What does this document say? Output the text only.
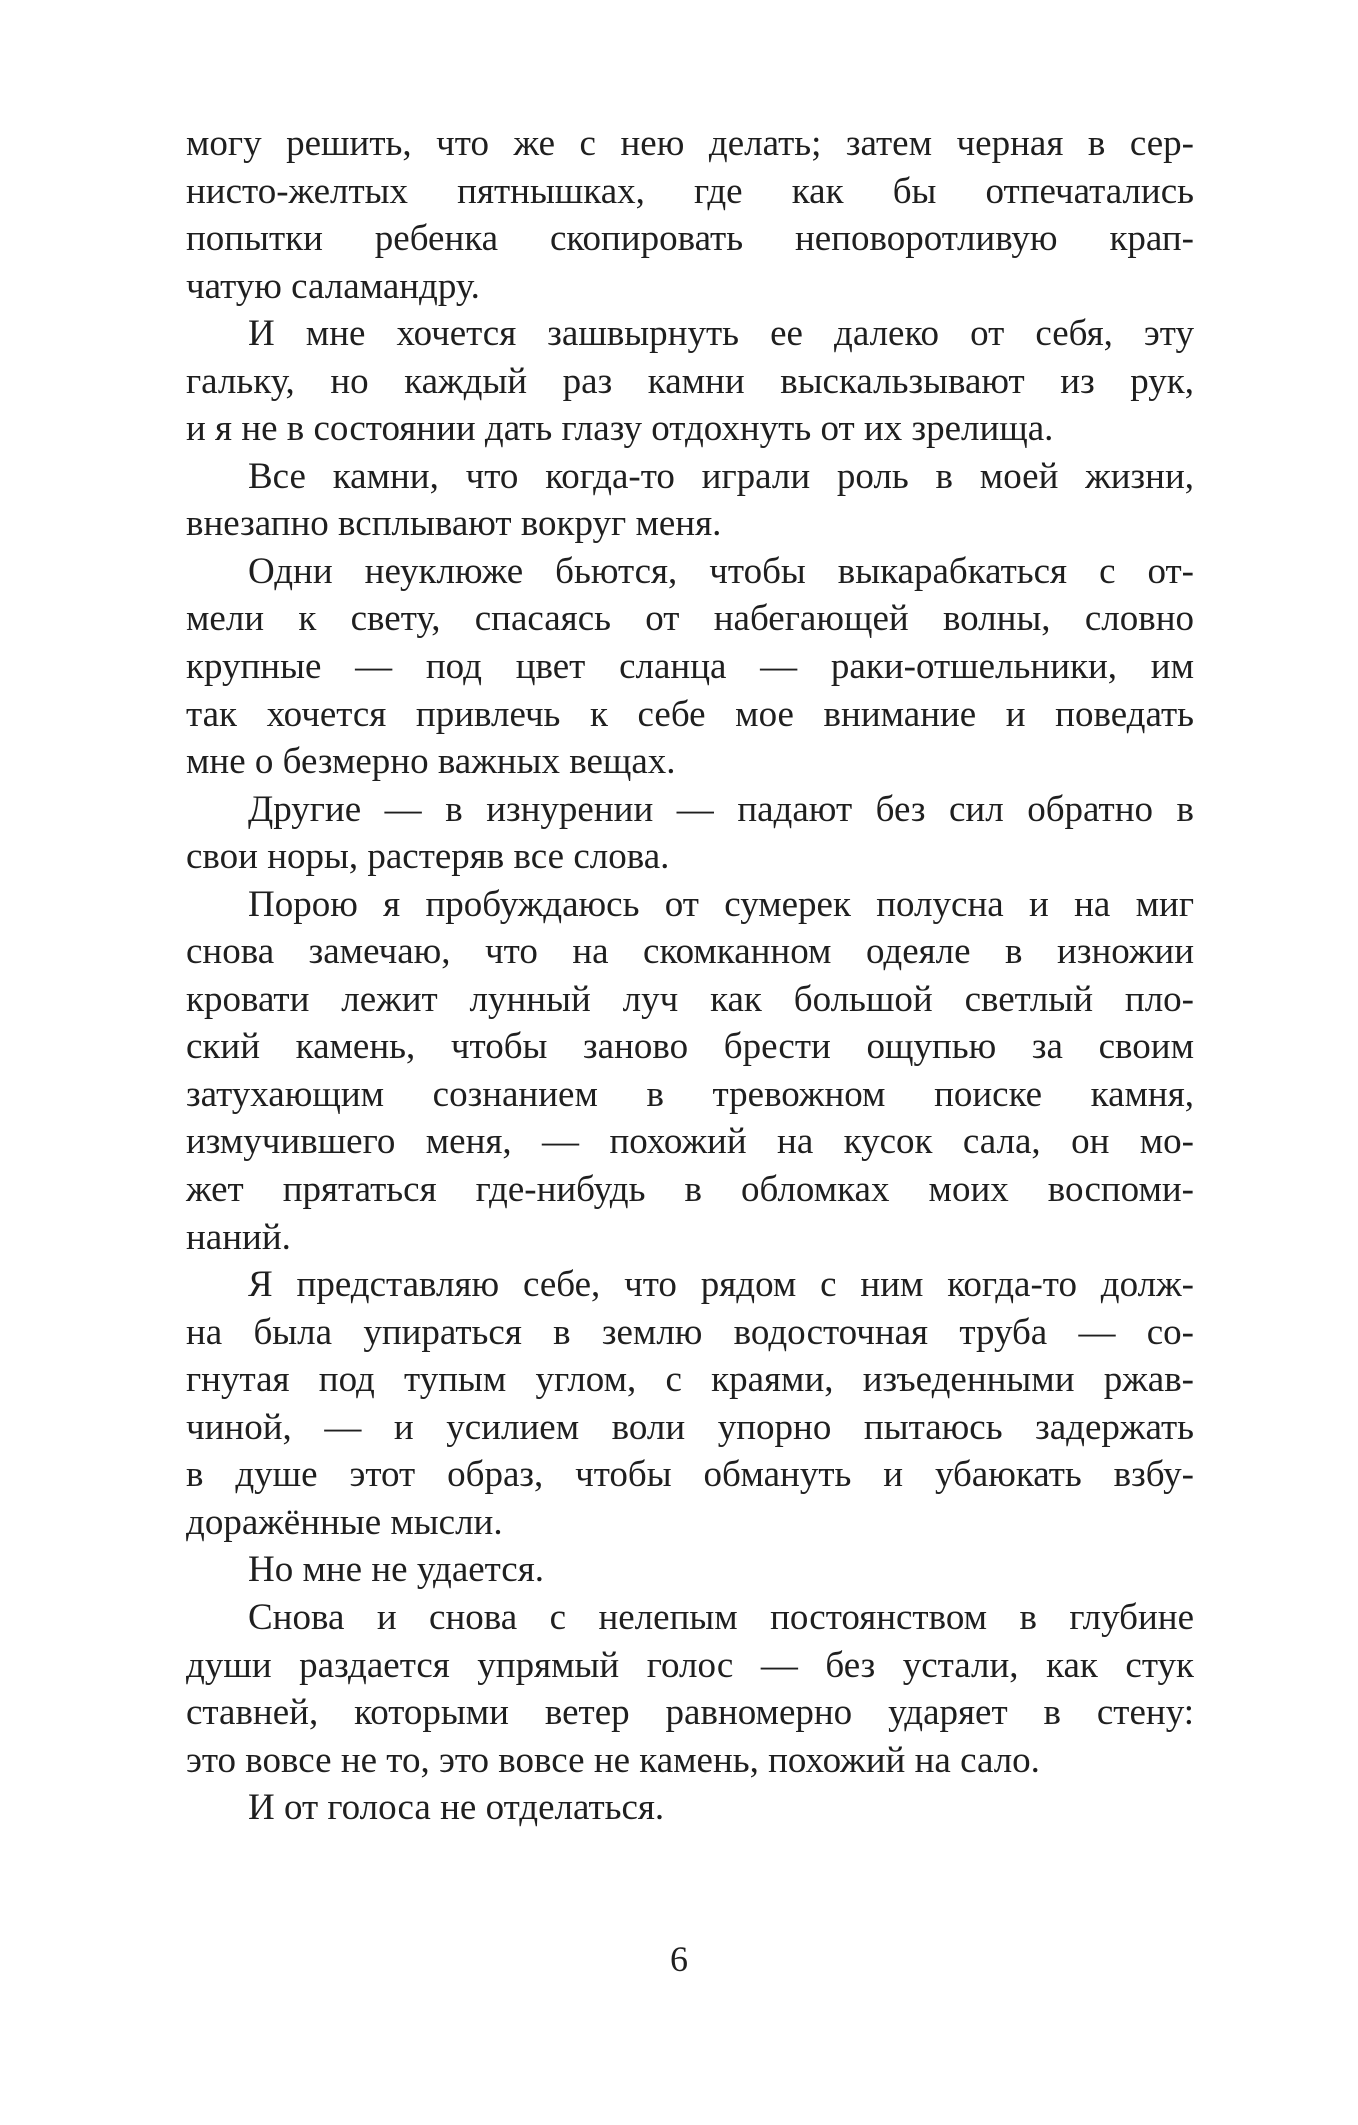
могу решить, что же с нею делать; затем черная в сер-
нисто-желтых пятнышках, где как бы отпечатались
попытки ребенка скопировать неповоротливую крап-
чатую саламандру.
И мне хочется зашвырнуть ее далеко от себя, эту
гальку, но каждый раз камни выскальзывают из рук,
и я не в состоянии дать глазу отдохнуть от их зрелища.
Все камни, что когда-то играли роль в моей жизни,
внезапно всплывают вокруг меня.
Одни неуклюже бьются, чтобы выкарабкаться с от-
мели к свету, спасаясь от набегающей волны, словно
крупные — под цвет сланца — раки-отшельники, им
так хочется привлечь к себе мое внимание и поведать
мне о безмерно важных вещах.
Другие — в изнурении — падают без сил обратно в
свои норы, растеряв все слова.
Порою я пробуждаюсь от сумерек полусна и на миг
снова замечаю, что на скомканном одеяле в изножии
кровати лежит лунный луч как большой светлый пло-
ский камень, чтобы заново брести ощупью за своим
затухающим сознанием в тревожном поиске камня,
измучившего меня, — похожий на кусок сала, он мо-
жет прятаться где-нибудь в обломках моих воспоми-
наний.
Я представляю себе, что рядом с ним когда-то долж-
на была упираться в землю водосточная труба — со-
гнутая под тупым углом, с краями, изъеденными ржав-
чиной, — и усилием воли упорно пытаюсь задержать
в душе этот образ, чтобы обмануть и убаюкать взбу-
доражённые мысли.
Но мне не удается.
Снова и снова с нелепым постоянством в глубине
души раздается упрямый голос — без устали, как стук
ставней, которыми ветер равномерно ударяет в стену:
это вовсе не то, это вовсе не камень, похожий на сало.
И от голоса не отделаться.
6
